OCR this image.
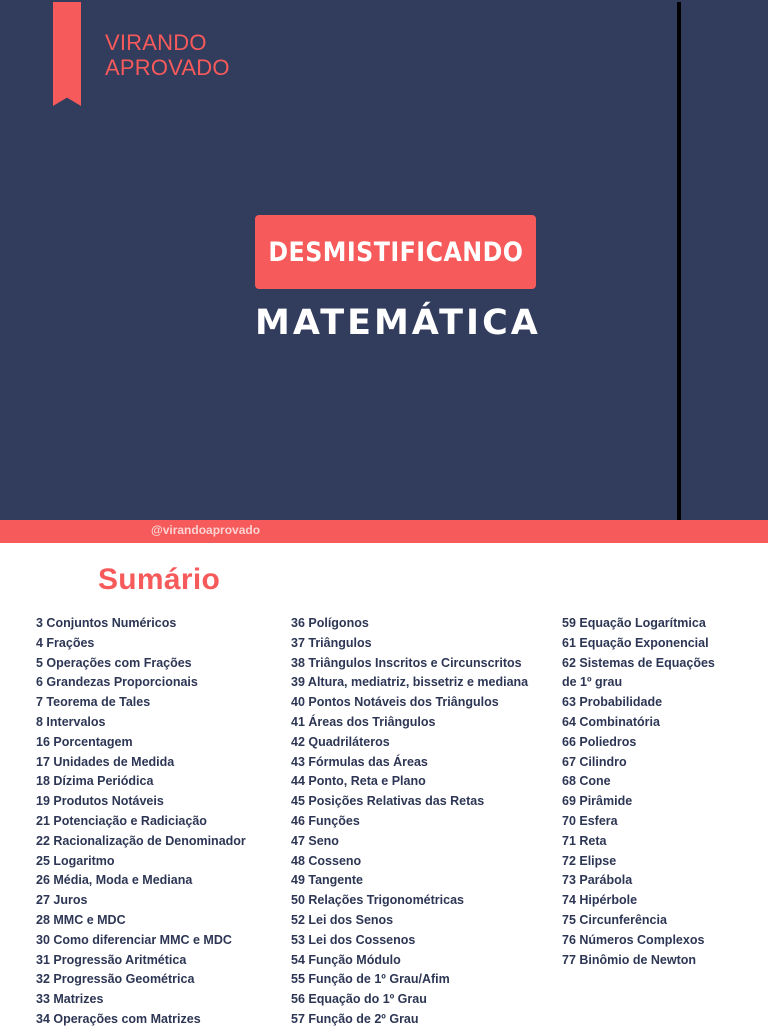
VIRANDO
APROVADO
DESMISTIFICANDO
MATEMÁTICA
@virandoaprovado
Sumário
3 Conjuntos Numéricos
4 Frações
5 Operações com Frações
6 Grandezas Proporcionais
7 Teorema de Tales
8 Intervalos
16 Porcentagem
17 Unidades de Medida
18 Dízima Periódica
19 Produtos Notáveis
21 Potenciação e Radiciação
22 Racionalização de Denominador
25 Logaritmo
26 Média, Moda e Mediana
27 Juros
28 MMC e MDC
30 Como diferenciar MMC e MDC
31 Progressão Aritmética
32 Progressão Geométrica
33 Matrizes
34 Operações com Matrizes
36 Polígonos
37 Triângulos
38 Triângulos Inscritos e Circunscritos
39 Altura, mediatriz, bissetriz e mediana
40 Pontos Notáveis dos Triângulos
41 Áreas dos Triângulos
42 Quadriláteros
43 Fórmulas das Áreas
44 Ponto, Reta e Plano
45 Posições Relativas das Retas
46 Funções
47 Seno
48 Cosseno
49 Tangente
50 Relações Trigonométricas
52 Lei dos Senos
53 Lei dos Cossenos
54 Função Módulo
55 Função de 1º Grau/Afim
56 Equação do 1º Grau
57 Função de 2º Grau
59 Equação Logarítmica
61 Equação Exponencial
62 Sistemas de Equações
de 1º grau
63 Probabilidade
64 Combinatória
66 Poliedros
67 Cilindro
68 Cone
69 Pirâmide
70 Esfera
71 Reta
72 Elipse
73 Parábola
74 Hipérbole
75 Circunferência
76 Números Complexos
77 Binômio de Newton
